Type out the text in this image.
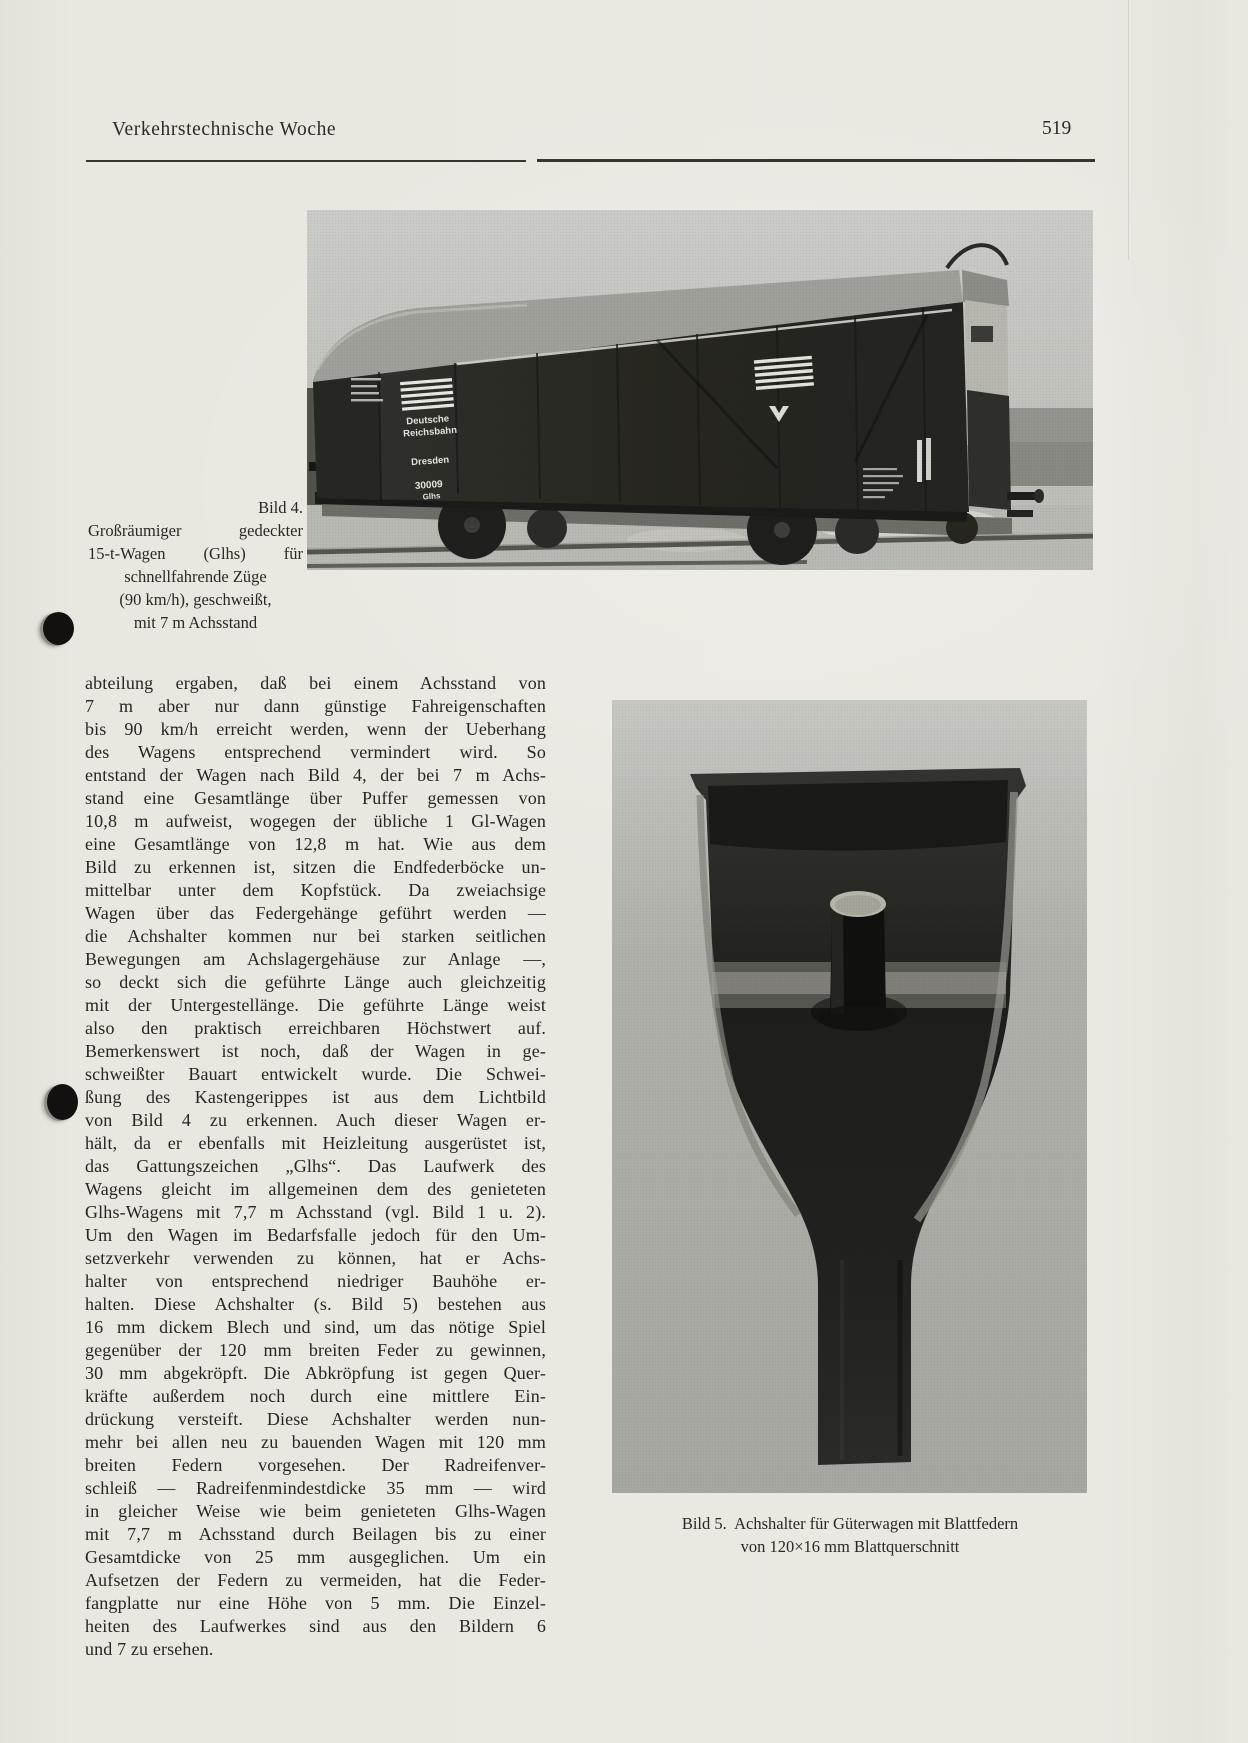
Verkehrstechnische Woche	519
Bild 4.
Großräumiger gedeckter
15-t-Wagen (Glhs) für
schnellfahrende Züge
(90 km/h), geschweißt,
mit 7 m Achsstand
abteilung ergaben, daß bei einem Achsstand von
7 m aber nur dann günstige Fahreigenschaften
bis 90 km/h erreicht werden, wenn der Ueberhang
des Wagens entsprechend vermindert wird. So
entstand der Wagen nach Bild 4, der bei 7 m Achs-
stand eine Gesamtlänge über Puffer gemessen von
10,8 m aufweist, wogegen der übliche 1 Gl-Wagen
eine Gesamtlänge von 12,8 m hat. Wie aus dem
Bild zu erkennen ist, sitzen die Endfederböcke un-
mittelbar unter dem Kopfstück. Da zweiachsige
Wagen über das Federgehänge geführt werden —
die Achshalter kommen nur bei starken seitlichen
Bewegungen am Achslagergehäuse zur Anlage —,
so deckt sich die geführte Länge auch gleichzeitig
mit der Untergestellänge. Die geführte Länge weist
also den praktisch erreichbaren Höchstwert auf.
Bemerkenswert ist noch, daß der Wagen in ge-
schweißter Bauart entwickelt wurde. Die Schwei-
ßung des Kastengerippes ist aus dem Lichtbild
von Bild 4 zu erkennen. Auch dieser Wagen er-
hält, da er ebenfalls mit Heizleitung ausgerüstet ist,
das Gattungszeichen „Glhs“. Das Laufwerk des
Wagens gleicht im allgemeinen dem des genieteten
Glhs-Wagens mit 7,7 m Achsstand (vgl. Bild 1 u. 2).
Um den Wagen im Bedarfsfalle jedoch für den Um-
setzverkehr verwenden zu können, hat er Achs-
halter von entsprechend niedriger Bauhöhe er-
halten. Diese Achshalter (s. Bild 5) bestehen aus
16 mm dickem Blech und sind, um das nötige Spiel
gegenüber der 120 mm breiten Feder zu gewinnen,
30 mm abgekröpft. Die Abkröpfung ist gegen Quer-
kräfte außerdem noch durch eine mittlere Ein-
drückung versteift. Diese Achshalter werden nun-
mehr bei allen neu zu bauenden Wagen mit 120 mm
breiten Federn vorgesehen. Der Radreifenver-
schleiß — Radreifenmindestdicke 35 mm — wird
in gleicher Weise wie beim genieteten Glhs-Wagen
mit 7,7 m Achsstand durch Beilagen bis zu einer
Gesamtdicke von 25 mm ausgeglichen. Um ein
Aufsetzen der Federn zu vermeiden, hat die Feder-
fangplatte nur eine Höhe von 5 mm. Die Einzel-
heiten des Laufwerkes sind aus den Bildern 6
und 7 zu ersehen.
Bild 5.  Achshalter für Güterwagen mit Blattfedern
von 120×16 mm Blattquerschnitt
